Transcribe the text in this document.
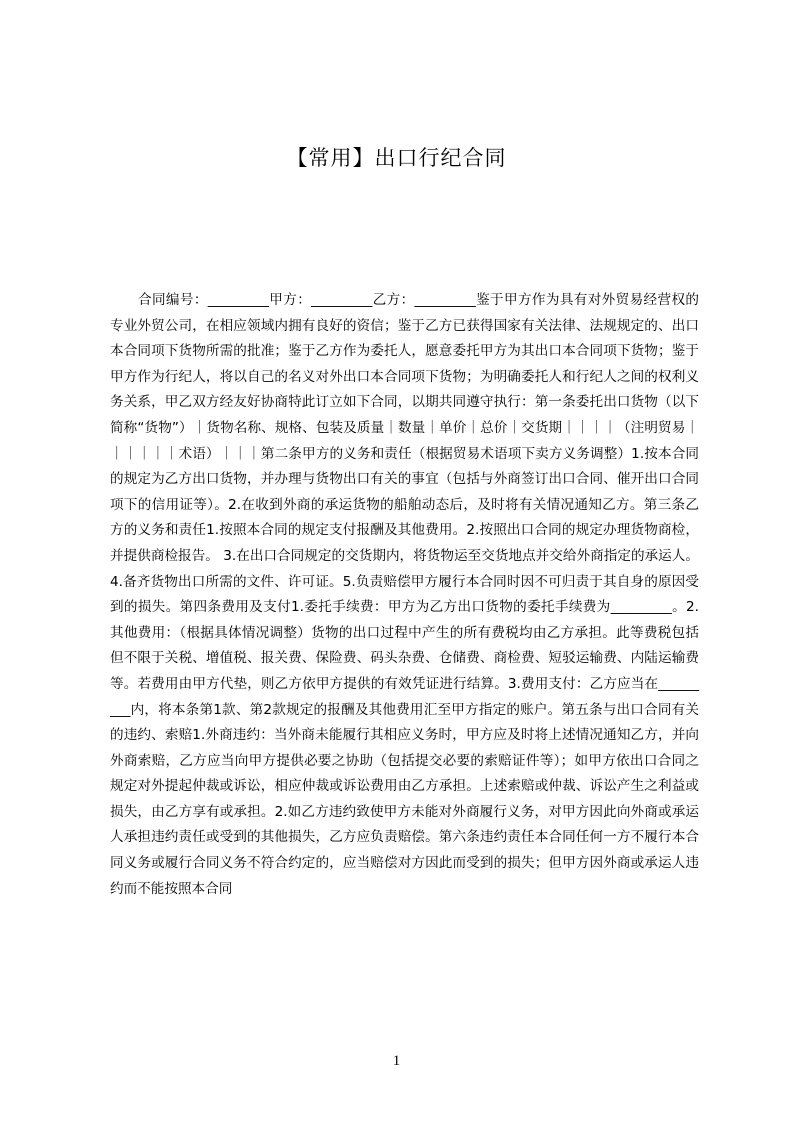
【常用】出口行纪合同

合同编号：_________甲方：_________乙方：_________鉴于甲方作为具有对外贸易经营权的专业外贸公司，在相应领域内拥有良好的资信；鉴于乙方已获得国家有关法律、法规规定的、出口本合同项下货物所需的批准；鉴于乙方作为委托人，愿意委托甲方为其出口本合同项下货物；鉴于甲方作为行纪人，将以自己的名义对外出口本合同项下货物；为明确委托人和行纪人之间的权利义务关系，甲乙双方经友好协商特此订立如下合同，以期共同遵守执行：第一条委托出口货物（以下简称“货物”）｜货物名称、规格、包装及质量｜数量｜单价｜总价｜交货期｜｜｜｜（注明贸易｜｜｜｜｜｜术语）｜｜｜第二条甲方的义务和责任（根据贸易术语项下卖方义务调整）1.按本合同的规定为乙方出口货物，并办理与货物出口有关的事宜（包括与外商签订出口合同、催开出口合同项下的信用证等）。2.在收到外商的承运货物的船舶动态后，及时将有关情况通知乙方。第三条乙方的义务和责任1.按照本合同的规定支付报酬及其他费用。2.按照出口合同的规定办理货物商检，并提供商检报告。 3.在出口合同规定的交货期内，将货物运至交货地点并交给外商指定的承运人。4.备齐货物出口所需的文件、许可证。5.负责赔偿甲方履行本合同时因不可归责于其自身的原因受到的损失。第四条费用及支付1.委托手续费：甲方为乙方出口货物的委托手续费为_________。2.其他费用：（根据具体情况调整）货物的出口过程中产生的所有费税均由乙方承担。此等费税包括但不限于关税、增值税、报关费、保险费、码头杂费、仓储费、商检费、短驳运输费、内陆运输费等。若费用由甲方代垫，则乙方依甲方提供的有效凭证进行结算。3.费用支付：乙方应当在_________内，将本条第1款、第2款规定的报酬及其他费用汇至甲方指定的账户。第五条与出口合同有关的违约、索赔1.外商违约：当外商未能履行其相应义务时，甲方应及时将上述情况通知乙方，并向外商索赔，乙方应当向甲方提供必要之协助（包括提交必要的索赔证件等）；如甲方依出口合同之规定对外提起仲裁或诉讼，相应仲裁或诉讼费用由乙方承担。上述索赔或仲裁、诉讼产生之利益或损失，由乙方享有或承担。2.如乙方违约致使甲方未能对外商履行义务，对甲方因此向外商或承运人承担违约责任或受到的其他损失，乙方应负责赔偿。第六条违约责任本合同任何一方不履行本合同义务或履行合同义务不符合约定的，应当赔偿对方因此而受到的损失；但甲方因外商或承运人违约而不能按照本合同

1
